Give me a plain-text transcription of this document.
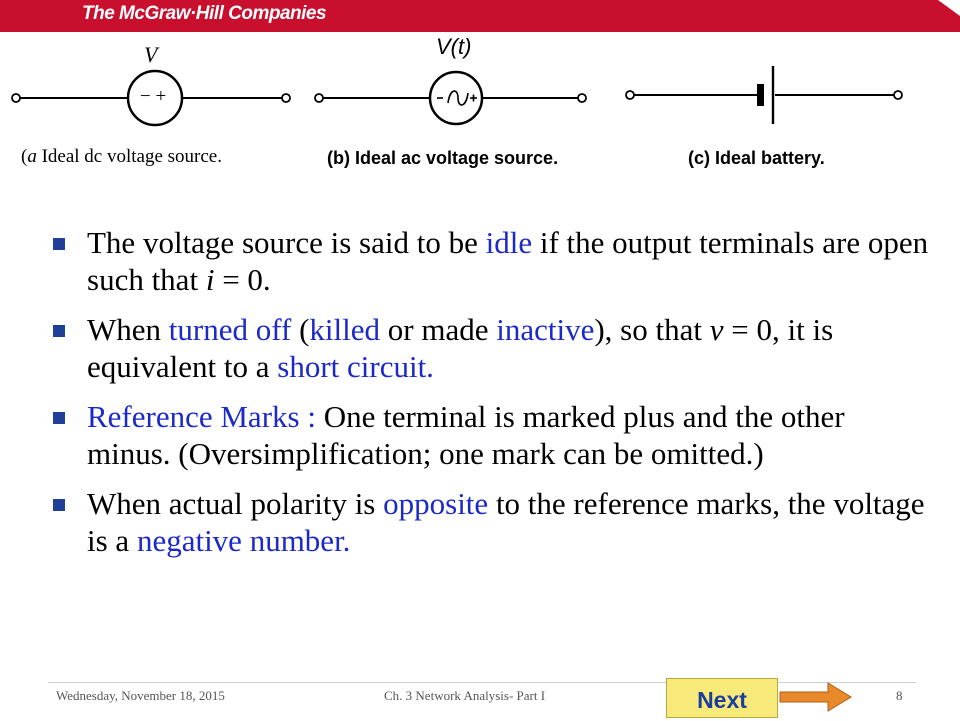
The McGraw·Hill Companies
V
− +
(a Ideal dc voltage source.
V(t)
(b) Ideal ac voltage source.	(c) Ideal battery.
The voltage source is said to be idle if the output terminals are open such that i = 0.
When turned off (killed or made inactive), so that v = 0, it is equivalent to a short circuit.
Reference Marks : One terminal is marked plus and the other minus. (Oversimplification; one mark can be omitted.)
When actual polarity is opposite to the reference marks, the voltage is a negative number.
Wednesday, November 18, 2015	Ch. 3 Network Analysis- Part I	8
Next
